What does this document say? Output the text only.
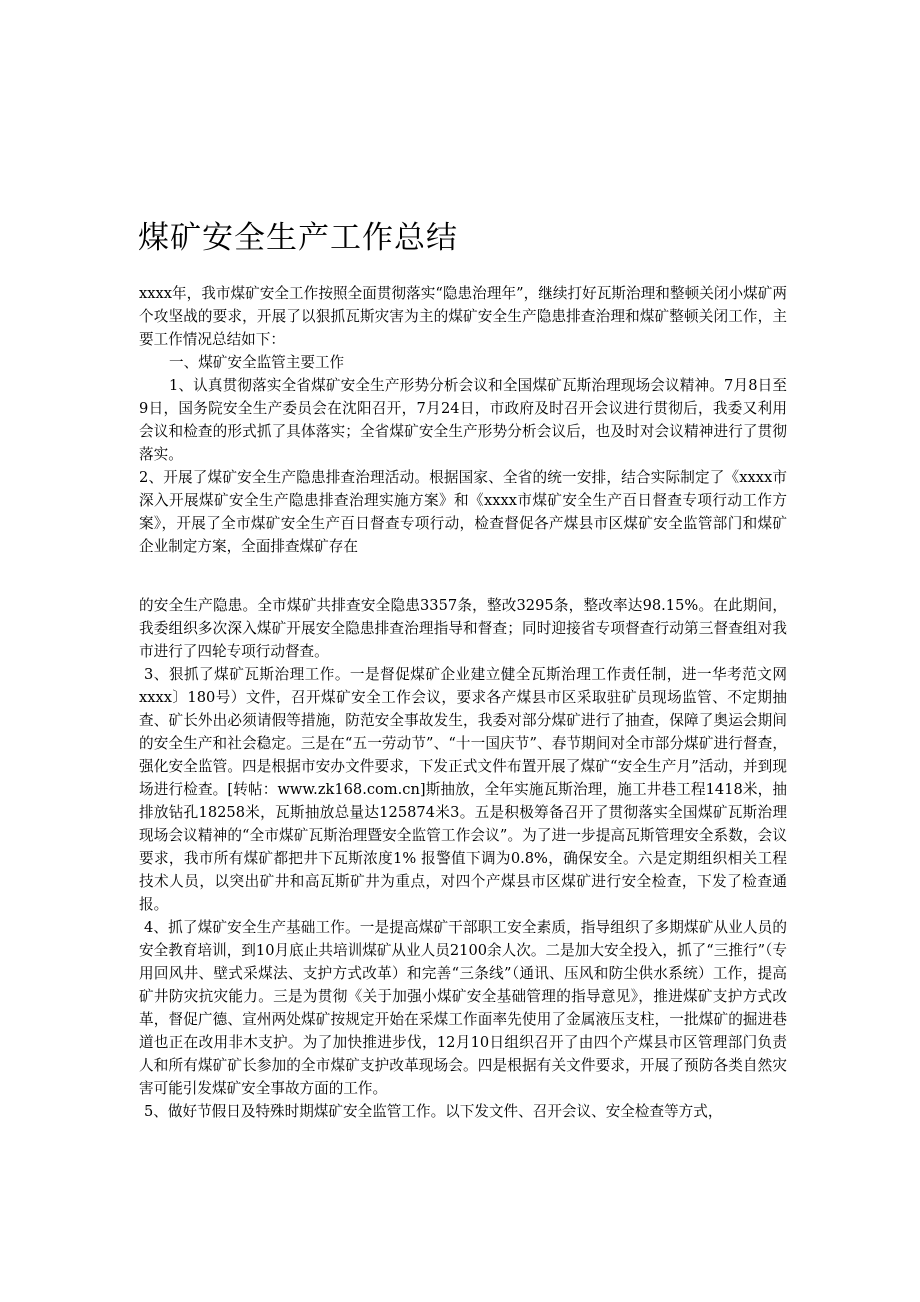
煤矿安全生产工作总结

xxxx年，我市煤矿安全工作按照全面贯彻落实“隐患治理年”，继续打好瓦斯治理和整顿关闭小煤矿两个攻坚战的要求，开展了以狠抓瓦斯灾害为主的煤矿安全生产隐患排查治理和煤矿整顿关闭工作，主要工作情况总结如下：

一、煤矿安全监管主要工作

1、认真贯彻落实全省煤矿安全生产形势分析会议和全国煤矿瓦斯治理现场会议精神。7月8日至9日，国务院安全生产委员会在沈阳召开，7月24日，市政府及时召开会议进行贯彻后，我委又利用会议和检查的形式抓了具体落实；全省煤矿安全生产形势分析会议后，也及时对会议精神进行了贯彻落实。

2、开展了煤矿安全生产隐患排查治理活动。根据国家、全省的统一安排，结合实际制定了《xxxx市深入开展煤矿安全生产隐患排查治理实施方案》和《xxxx市煤矿安全生产百日督查专项行动工作方案》，开展了全市煤矿安全生产百日督查专项行动，检查督促各产煤县市区煤矿安全监管部门和煤矿企业制定方案，全面排查煤矿存在

的安全生产隐患。全市煤矿共排查安全隐患3357条，整改3295条，整改率达98.15%。在此期间，我委组织多次深入煤矿开展安全隐患排查治理指导和督查；同时迎接省专项督查行动第三督查组对我市进行了四轮专项行动督查。

3、狠抓了煤矿瓦斯治理工作。一是督促煤矿企业建立健全瓦斯治理工作责任制，进一华考范文网xxxx〕180号）文件，召开煤矿安全工作会议，要求各产煤县市区采取驻矿员现场监管、不定期抽查、矿长外出必须请假等措施，防范安全事故发生，我委对部分煤矿进行了抽查，保障了奥运会期间的安全生产和社会稳定。三是在“五一劳动节”、“十一国庆节”、春节期间对全市部分煤矿进行督查，强化安全监管。四是根据市安办文件要求，下发正式文件布置开展了煤矿“安全生产月”活动，并到现场进行检查。[转帖：www.zk168.com.cn]斯抽放，全年实施瓦斯治理，施工井巷工程1418米，抽排放钻孔18258米，瓦斯抽放总量达125874米3。五是积极筹备召开了贯彻落实全国煤矿瓦斯治理现场会议精神的“全市煤矿瓦斯治理暨安全监管工作会议”。为了进一步提高瓦斯管理安全系数，会议要求，我市所有煤矿都把井下瓦斯浓度1% 报警值下调为0.8%，确保安全。六是定期组织相关工程技术人员，以突出矿井和高瓦斯矿井为重点，对四个产煤县市区煤矿进行安全检查，下发了检查通报。

4、抓了煤矿安全生产基础工作。一是提高煤矿干部职工安全素质，指导组织了多期煤矿从业人员的安全教育培训，到10月底止共培训煤矿从业人员2100余人次。二是加大安全投入，抓了“三推行”（专用回风井、壁式采煤法、支护方式改革）和完善“三条线”（通讯、压风和防尘供水系统）工作，提高矿井防灾抗灾能力。三是为贯彻《关于加强小煤矿安全基础管理的指导意见》，推进煤矿支护方式改革，督促广德、宣州两处煤矿按规定开始在采煤工作面率先使用了金属液压支柱，一批煤矿的掘进巷道也正在改用非木支护。为了加快推进步伐，12月10日组织召开了由四个产煤县市区管理部门负责人和所有煤矿矿长参加的全市煤矿支护改革现场会。四是根据有关文件要求，开展了预防各类自然灾害可能引发煤矿安全事故方面的工作。

5、做好节假日及特殊时期煤矿安全监管工作。以下发文件、召开会议、安全检查等方式，
